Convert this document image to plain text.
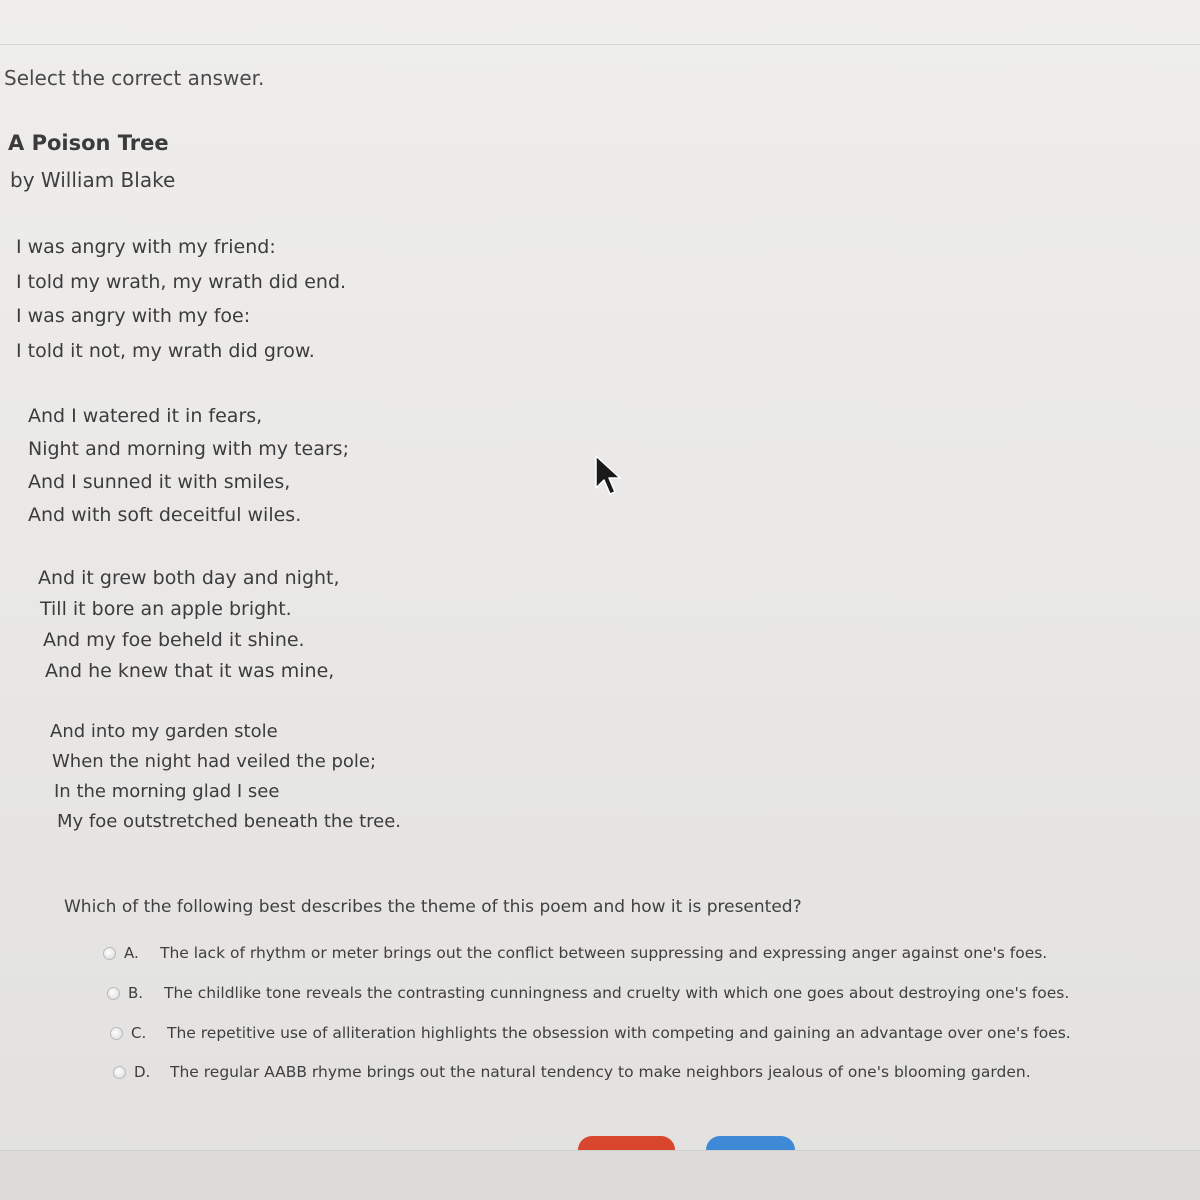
Select the correct answer.
A Poison Tree
by William Blake
I was angry with my friend:
I told my wrath, my wrath did end.
I was angry with my foe:
I told it not, my wrath did grow.
And I watered it in fears,
Night and morning with my tears;
And I sunned it with smiles,
And with soft deceitful wiles.
And it grew both day and night,
Till it bore an apple bright.
And my foe beheld it shine.
And he knew that it was mine,
And into my garden stole
When the night had veiled the pole;
In the morning glad I see
My foe outstretched beneath the tree.
Which of the following best describes the theme of this poem and how it is presented?
A.	The lack of rhythm or meter brings out the conflict between suppressing and expressing anger against one's foes.
B.	The childlike tone reveals the contrasting cunningness and cruelty with which one goes about destroying one's foes.
C.	The repetitive use of alliteration highlights the obsession with competing and gaining an advantage over one's foes.
D.	The regular AABB rhyme brings out the natural tendency to make neighbors jealous of one's blooming garden.
